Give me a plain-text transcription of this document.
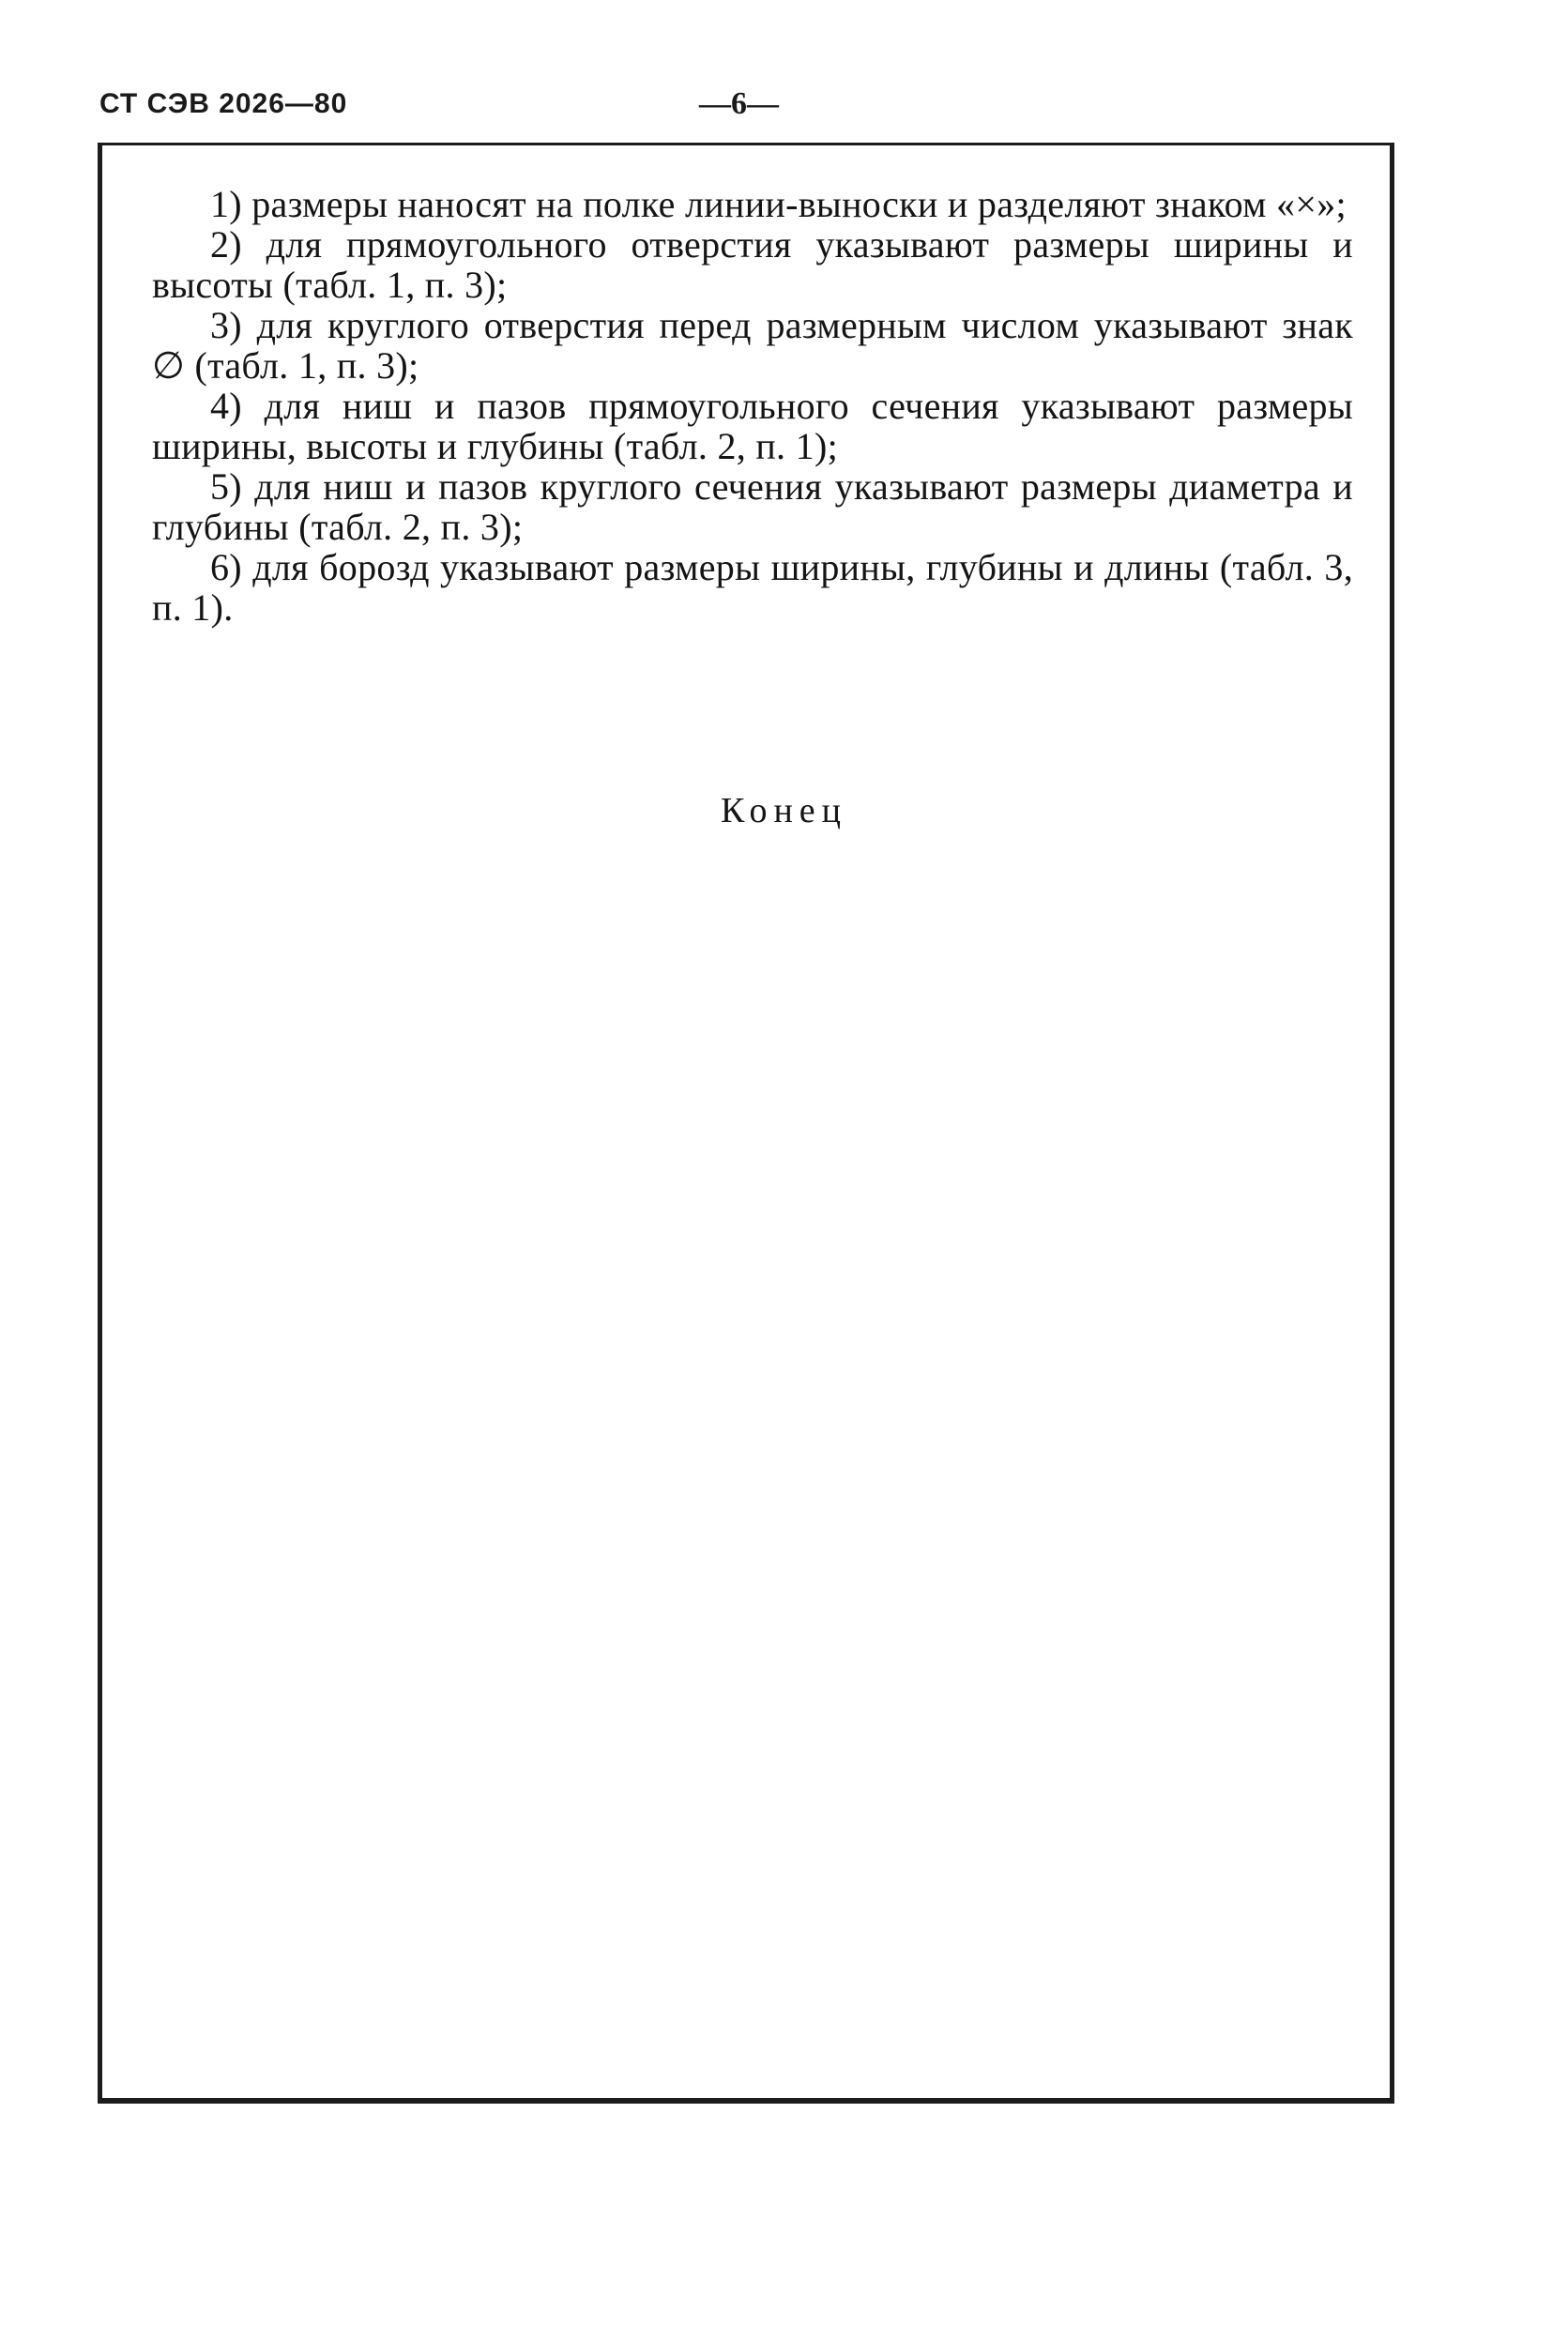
СТ СЭВ 2026—80	—6—

1) размеры наносят на полке линии-выноски и разделяют знаком «×»;

2) для прямоугольного отверстия указывают размеры ширины и высоты (табл. 1, п. 3);

3) для круглого отверстия перед размерным числом указывают знак ∅ (табл. 1, п. 3);

4) для ниш и пазов прямоугольного сечения указывают размеры ширины, высоты и глубины (табл. 2, п. 1);

5) для ниш и пазов круглого сечения указывают размеры диаметра и глубины (табл. 2, п. 3);

6) для борозд указывают размеры ширины, глубины и длины (табл. 3, п. 1).

Конец
